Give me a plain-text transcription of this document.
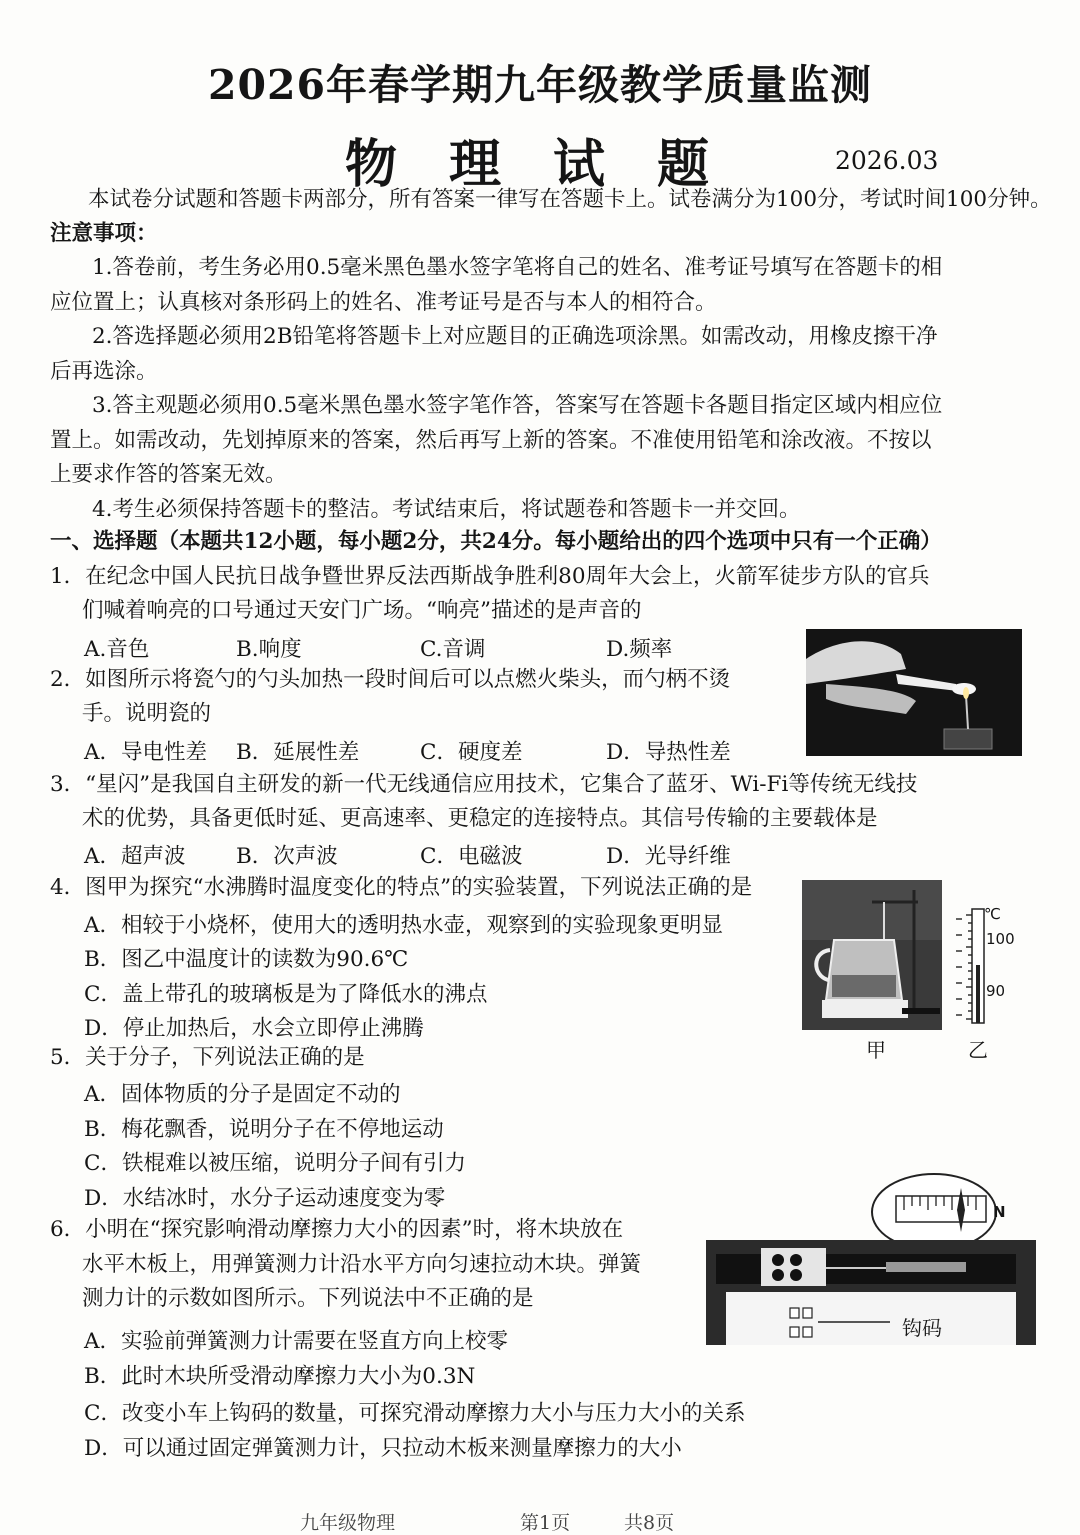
2026年春学期九年级教学质量监测
物理试题	2026.03
本试卷分试题和答题卡两部分，所有答案一律写在答题卡上。试卷满分为100分，考试时间100分钟。
注意事项：
1.答卷前，考生务必用0.5毫米黑色墨水签字笔将自己的姓名、准考证号填写在答题卡的相
应位置上；认真核对条形码上的姓名、准考证号是否与本人的相符合。
2.答选择题必须用2B铅笔将答题卡上对应题目的正确选项涂黑。如需改动，用橡皮擦干净
后再选涂。
3.答主观题必须用0.5毫米黑色墨水签字笔作答，答案写在答题卡各题目指定区域内相应位
置上。如需改动，先划掉原来的答案，然后再写上新的答案。不准使用铅笔和涂改液。不按以
上要求作答的答案无效。
4.考生必须保持答题卡的整洁。考试结束后，将试题卷和答题卡一并交回。
一、选择题（本题共12小题，每小题2分，共24分。每小题给出的四个选项中只有一个正确）
1．在纪念中国人民抗日战争暨世界反法西斯战争胜利80周年大会上，火箭军徒步方队的官兵
们喊着响亮的口号通过天安门广场。“响亮”描述的是声音的
A.音色	B.响度	C.音调	D.频率
2．如图所示将瓷勺的勺头加热一段时间后可以点燃火柴头，而勺柄不烫
手。说明瓷的
A．导电性差 B．延展性差	C．硬度差	D．导热性差
3．“星闪”是我国自主研发的新一代无线通信应用技术，它集合了蓝牙、Wi-Fi等传统无线技
术的优势，具备更低时延、更高速率、更稳定的连接特点。其信号传输的主要载体是
A．超声波 B．次声波	C．电磁波	D．光导纤维
4．图甲为探究“水沸腾时温度变化的特点”的实验装置，下列说法正确的是
A．相较于小烧杯，使用大的透明热水壶，观察到的实验现象更明显
B．图乙中温度计的读数为90.6℃
C．盖上带孔的玻璃板是为了降低水的沸点
D．停止加热后，水会立即停止沸腾
℃
100
90
甲	乙
5．关于分子，下列说法正确的是
A．固体物质的分子是固定不动的
B．梅花飘香，说明分子在不停地运动
C．铁棍难以被压缩，说明分子间有引力
D．水结冰时，水分子运动速度变为零
6．小明在“探究影响滑动摩擦力大小的因素”时，将木块放在
水平木板上，用弹簧测力计沿水平方向匀速拉动木块。弹簧
测力计的示数如图所示。下列说法中不正确的是
A．实验前弹簧测力计需要在竖直方向上校零
B．此时木块所受滑动摩擦力大小为0.3N
C．改变小车上钩码的数量，可探究滑动摩擦力大小与压力大小的关系
D．可以通过固定弹簧测力计，只拉动木板来测量摩擦力的大小
N
钩码
九年级物理	第1页	共8页
